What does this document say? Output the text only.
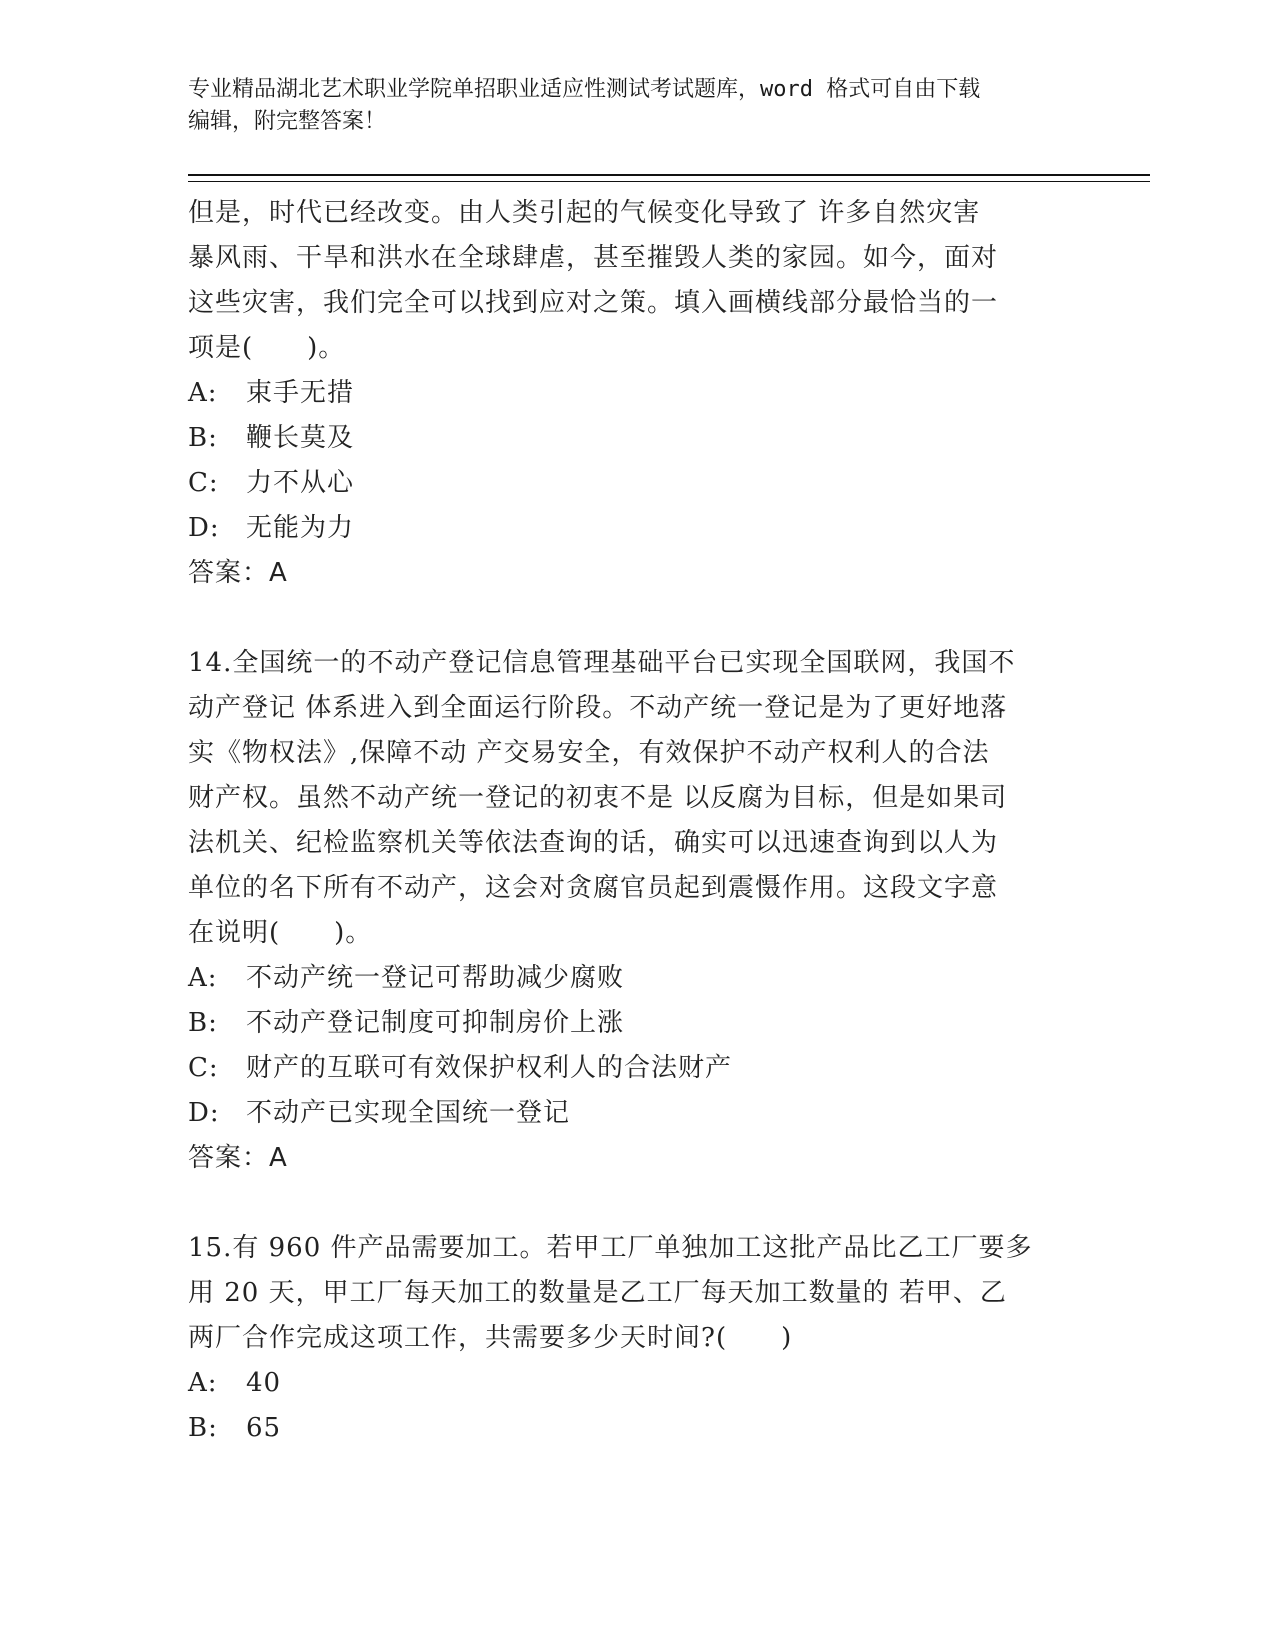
专业精品湖北艺术职业学院单招职业适应性测试考试题库，word 格式可自由下载
编辑，附完整答案！

但是，时代已经改变。由人类引起的气候变化导致了 许多自然灾害

暴风雨、干旱和洪水在全球肆虐，甚至摧毁人类的家园。如今，面对

这些灾害，我们完全可以找到应对之策。填入画横线部分最恰当的一

项是(　　)。

A:	束手无措
B:	鞭长莫及
C:	力不从心
D:	无能为力

答案：A

14.全国统一的不动产登记信息管理基础平台已实现全国联网，我国不

动产登记 体系进入到全面运行阶段。不动产统一登记是为了更好地落

实《物权法》,保障不动 产交易安全，有效保护不动产权利人的合法

财产权。虽然不动产统一登记的初衷不是 以反腐为目标，但是如果司

法机关、纪检监察机关等依法查询的话，确实可以迅速查询到以人为

单位的名下所有不动产，这会对贪腐官员起到震慑作用。这段文字意

在说明(　　)。

A:	不动产统一登记可帮助减少腐败
B:	不动产登记制度可抑制房价上涨
C:	财产的互联可有效保护权利人的合法财产
D:	不动产已实现全国统一登记

答案：A

15.有 960 件产品需要加工。若甲工厂单独加工这批产品比乙工厂要多

用 20 天，甲工厂每天加工的数量是乙工厂每天加工数量的 若甲、乙

两厂合作完成这项工作，共需要多少天时间?(　　)

A:	40
B:	65
